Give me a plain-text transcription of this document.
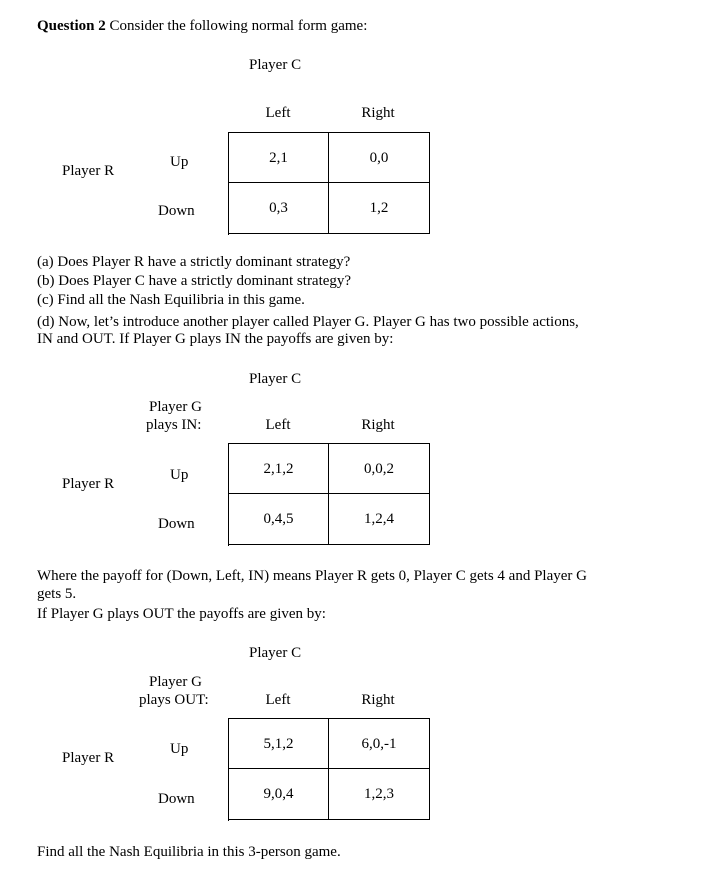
Question 2 Consider the following normal form game:
Player C
Left	Right
Player R
Up
Down
2,1	0,0
0,3	1,2
(a) Does Player R have a strictly dominant strategy?
(b) Does Player C have a strictly dominant strategy?
(c) Find all the Nash Equilibria in this game.
(d) Now, let’s introduce another player called Player G. Player G has two possible actions,
IN and OUT. If Player G plays IN the payoffs are given by:
Player C
Player G
plays IN:	Left	Right
Player R
Up
Down
2,1,2	0,0,2
0,4,5	1,2,4
Where the payoff for (Down, Left, IN) means Player R gets 0, Player C gets 4 and Player G
gets 5.
If Player G plays OUT the payoffs are given by:
Player C
Player G
plays OUT:	Left	Right
Player R
Up
Down
5,1,2	6,0,-1
9,0,4	1,2,3
Find all the Nash Equilibria in this 3-person game.
